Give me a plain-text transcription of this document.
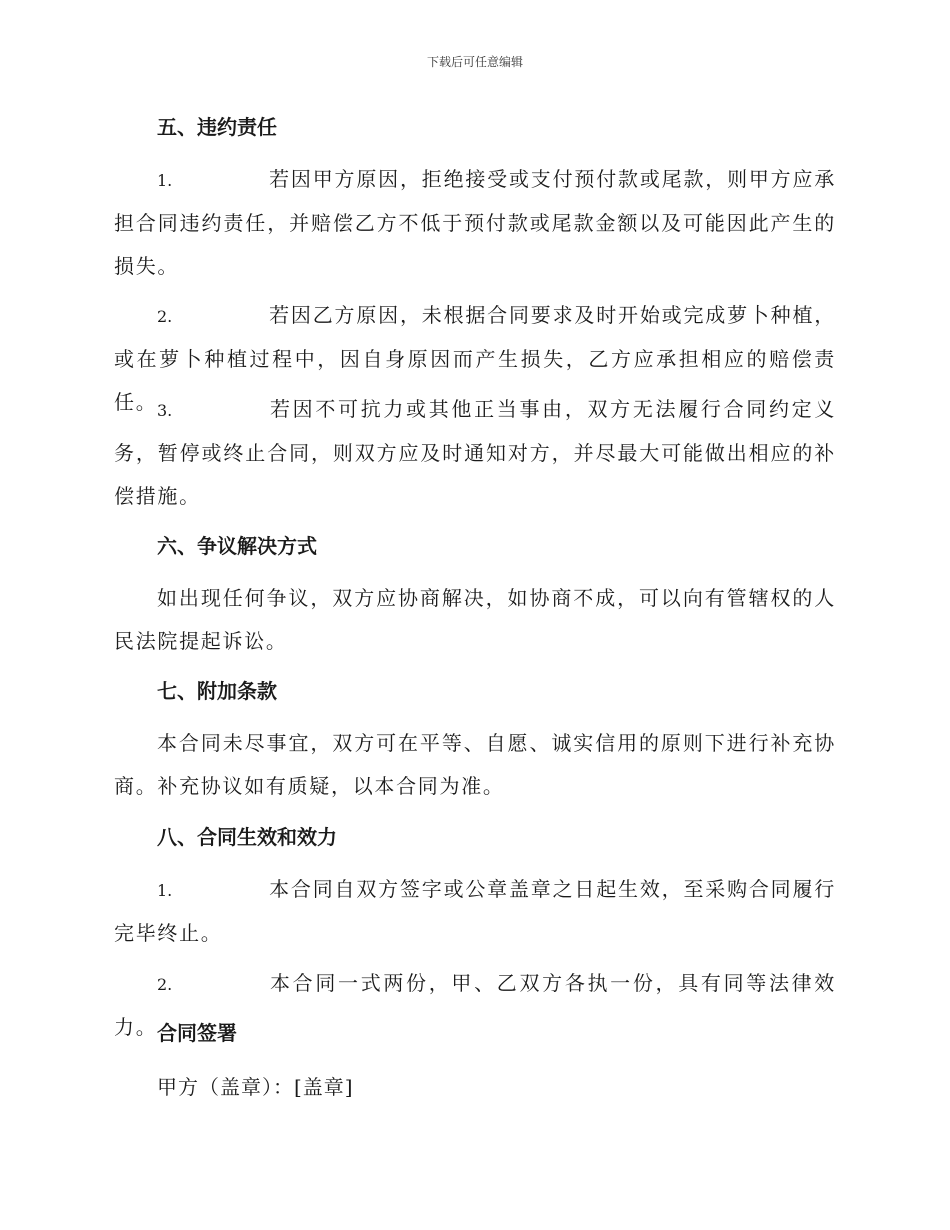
下载后可任意编辑
五、违约责任

1.	若因甲方原因，拒绝接受或支付预付款或尾款，则甲方应承担合同违约责任，并赔偿乙方不低于预付款或尾款金额以及可能因此产生的损失。

2.	若因乙方原因，未根据合同要求及时开始或完成萝卜种植，或在萝卜种植过程中，因自身原因而产生损失，乙方应承担相应的赔偿责任。 3.	若因不可抗力或其他正当事由，双方无法履行合同约定义务，暂停或终止合同，则双方应及时通知对方，并尽最大可能做出相应的补偿措施。

六、争议解决方式

如出现任何争议，双方应协商解决，如协商不成，可以向有管辖权的人民法院提起诉讼。

七、附加条款

本合同未尽事宜，双方可在平等、自愿、诚实信用的原则下进行补充协商。补充协议如有质疑，以本合同为准。

八、合同生效和效力

1.	本合同自双方签字或公章盖章之日起生效，至采购合同履行完毕终止。

2.	本合同一式两份，甲、乙双方各执一份，具有同等法律效力。 合同签署
甲方（盖章）：[盖章]
